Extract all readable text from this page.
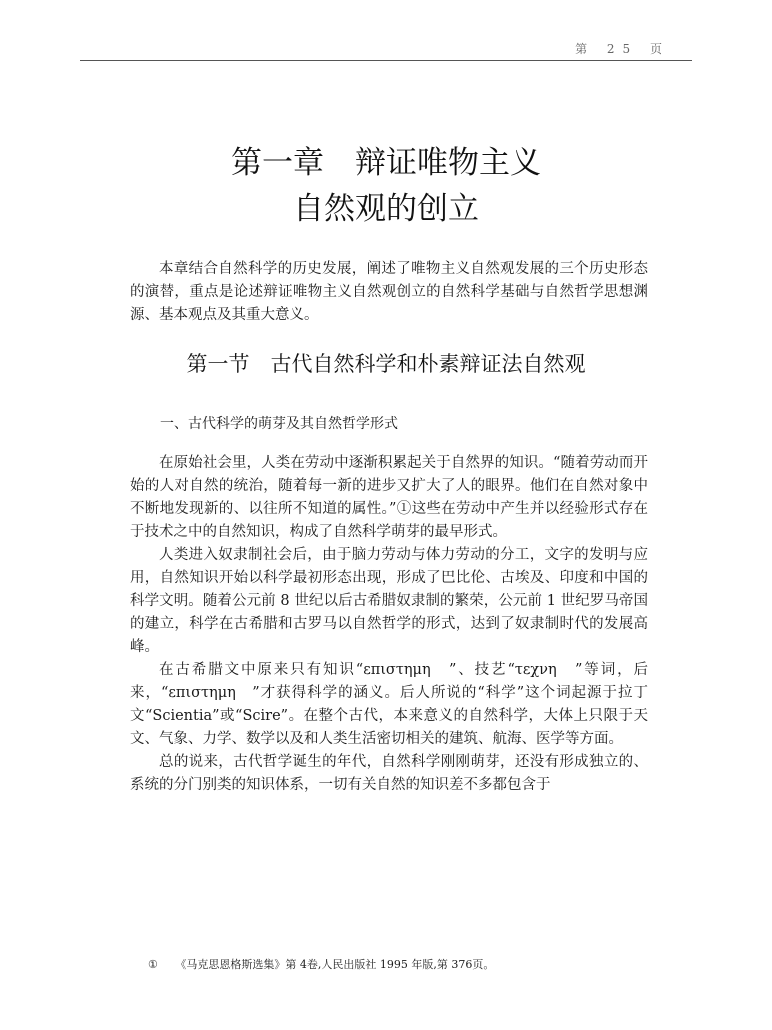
第 25 页
第一章　辩证唯物主义
自然观的创立

本章结合自然科学的历史发展，阐述了唯物主义自然观发展的三个历史形态的演替，重点是论述辩证唯物主义自然观创立的自然科学基础与自然哲学思想渊源、基本观点及其重大意义。

第一节　古代自然科学和朴素辩证法自然观
一、古代科学的萌芽及其自然哲学形式

在原始社会里，人类在劳动中逐渐积累起关于自然界的知识。“随着劳动而开始的人对自然的统治，随着每一新的进步又扩大了人的眼界。他们在自然对象中不断地发现新的、以往所不知道的属性。”①这些在劳动中产生并以经验形式存在于技术之中的自然知识，构成了自然科学萌芽的最早形式。

人类进入奴隶制社会后，由于脑力劳动与体力劳动的分工，文字的发明与应用，自然知识开始以科学最初形态出现，形成了巴比伦、古埃及、印度和中国的科学文明。随着公元前 8 世纪以后古希腊奴隶制的繁荣，公元前 1 世纪罗马帝国的建立，科学在古希腊和古罗马以自然哲学的形式，达到了奴隶制时代的发展高峰。

在古希腊文中原来只有知识“επιστημη　”、技艺“τεχνη　”等词，后来，“επιστημη　”才获得科学的涵义。后人所说的“科学”这个词起源于拉丁文“Scientia”或“Scire”。在整个古代，本来意义的自然科学，大体上只限于天文、气象、力学、数学以及和人类生活密切相关的建筑、航海、医学等方面。

总的说来，古代哲学诞生的年代，自然科学刚刚萌芽，还没有形成独立的、系统的分门别类的知识体系，一切有关自然的知识差不多都包含于

① 《马克思恩格斯选集》第 4卷,人民出版社 1995 年版,第 376页。
